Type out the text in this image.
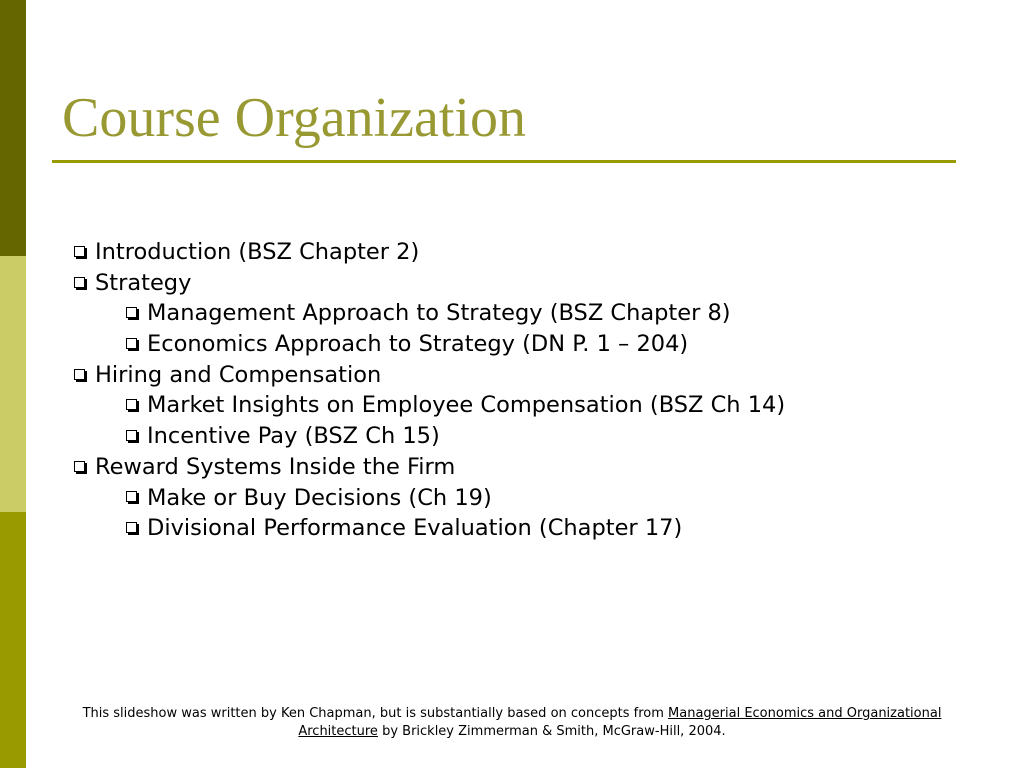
Course Organization
Introduction (BSZ Chapter 2)
Strategy
Management Approach to Strategy (BSZ Chapter 8)
Economics Approach to Strategy (DN P. 1 – 204)
Hiring and Compensation
Market Insights on Employee Compensation (BSZ Ch 14)
Incentive Pay (BSZ Ch 15)
Reward Systems Inside the Firm
Make or Buy Decisions (Ch 19)
Divisional Performance Evaluation (Chapter 17)

This slideshow was written by Ken Chapman, but is substantially based on concepts from Managerial Economics and Organizational Architecture by Brickley Zimmerman & Smith, McGraw-Hill, 2004.
